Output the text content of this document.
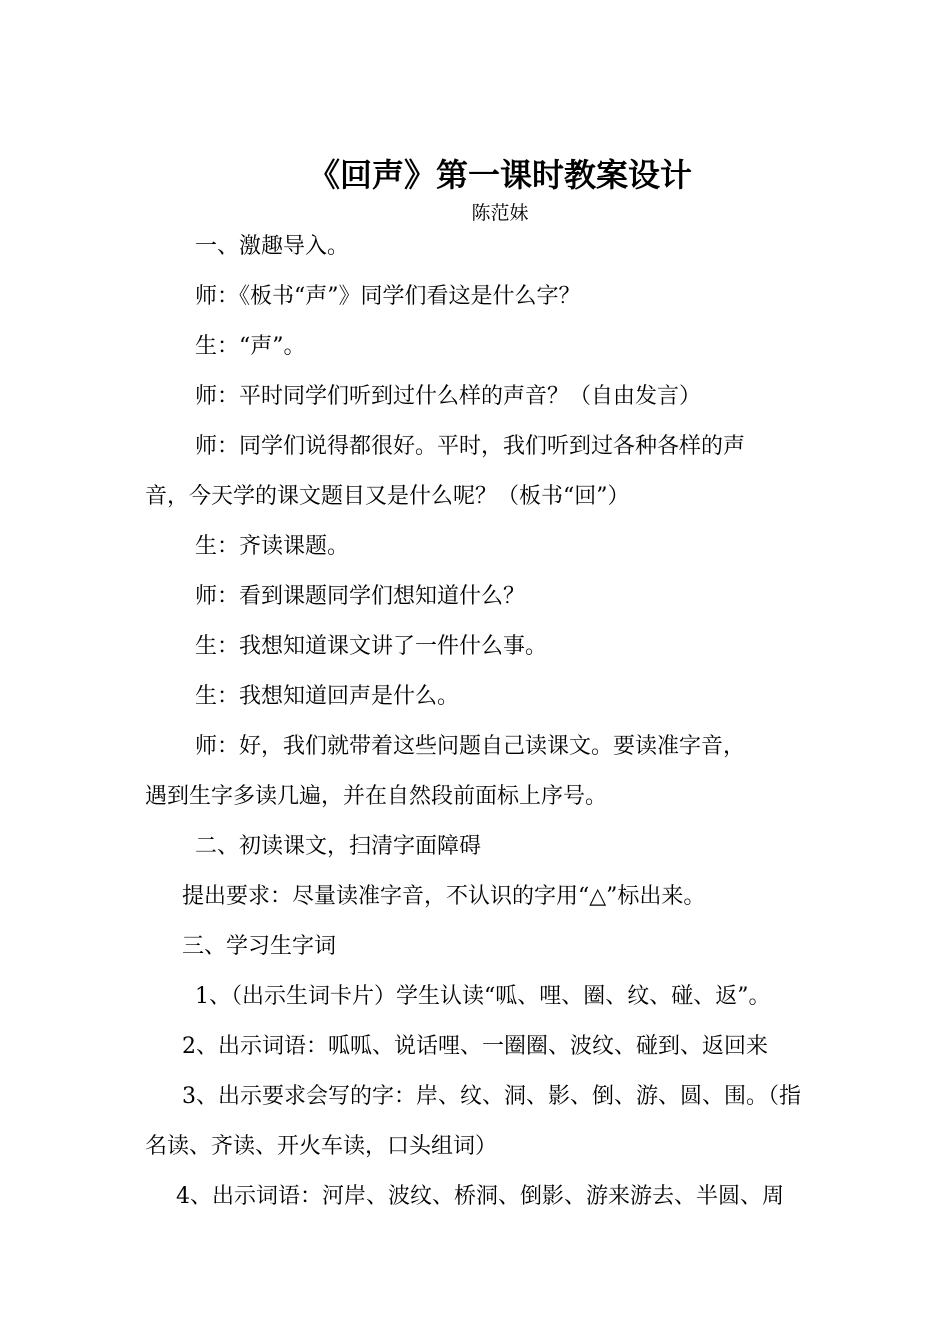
《回声》第一课时教案设计
陈范妹
一、激趣导入。
师：《板书“声”》同学们看这是什么字？
生：“声”。
师：平时同学们听到过什么样的声音？（自由发言）
师：同学们说得都很好。平时，我们听到过各种各样的声
音，今天学的课文题目又是什么呢？（板书“回”）
生：齐读课题。
师：看到课题同学们想知道什么？
生：我想知道课文讲了一件什么事。
生：我想知道回声是什么。
师：好，我们就带着这些问题自己读课文。要读准字音，
遇到生字多读几遍，并在自然段前面标上序号。
二、初读课文，扫清字面障碍
提出要求：尽量读准字音，不认识的字用“△”标出来。
三、学习生字词
1、（出示生词卡片）学生认读“呱、哩、圈、纹、碰、返”。
2、出示词语：呱呱、说话哩、一圈圈、波纹、碰到、返回来
3、出示要求会写的字：岸、纹、洞、影、倒、游、圆、围。（指
名读、齐读、开火车读，口头组词）
4、出示词语：河岸、波纹、桥洞、倒影、游来游去、半圆、周
